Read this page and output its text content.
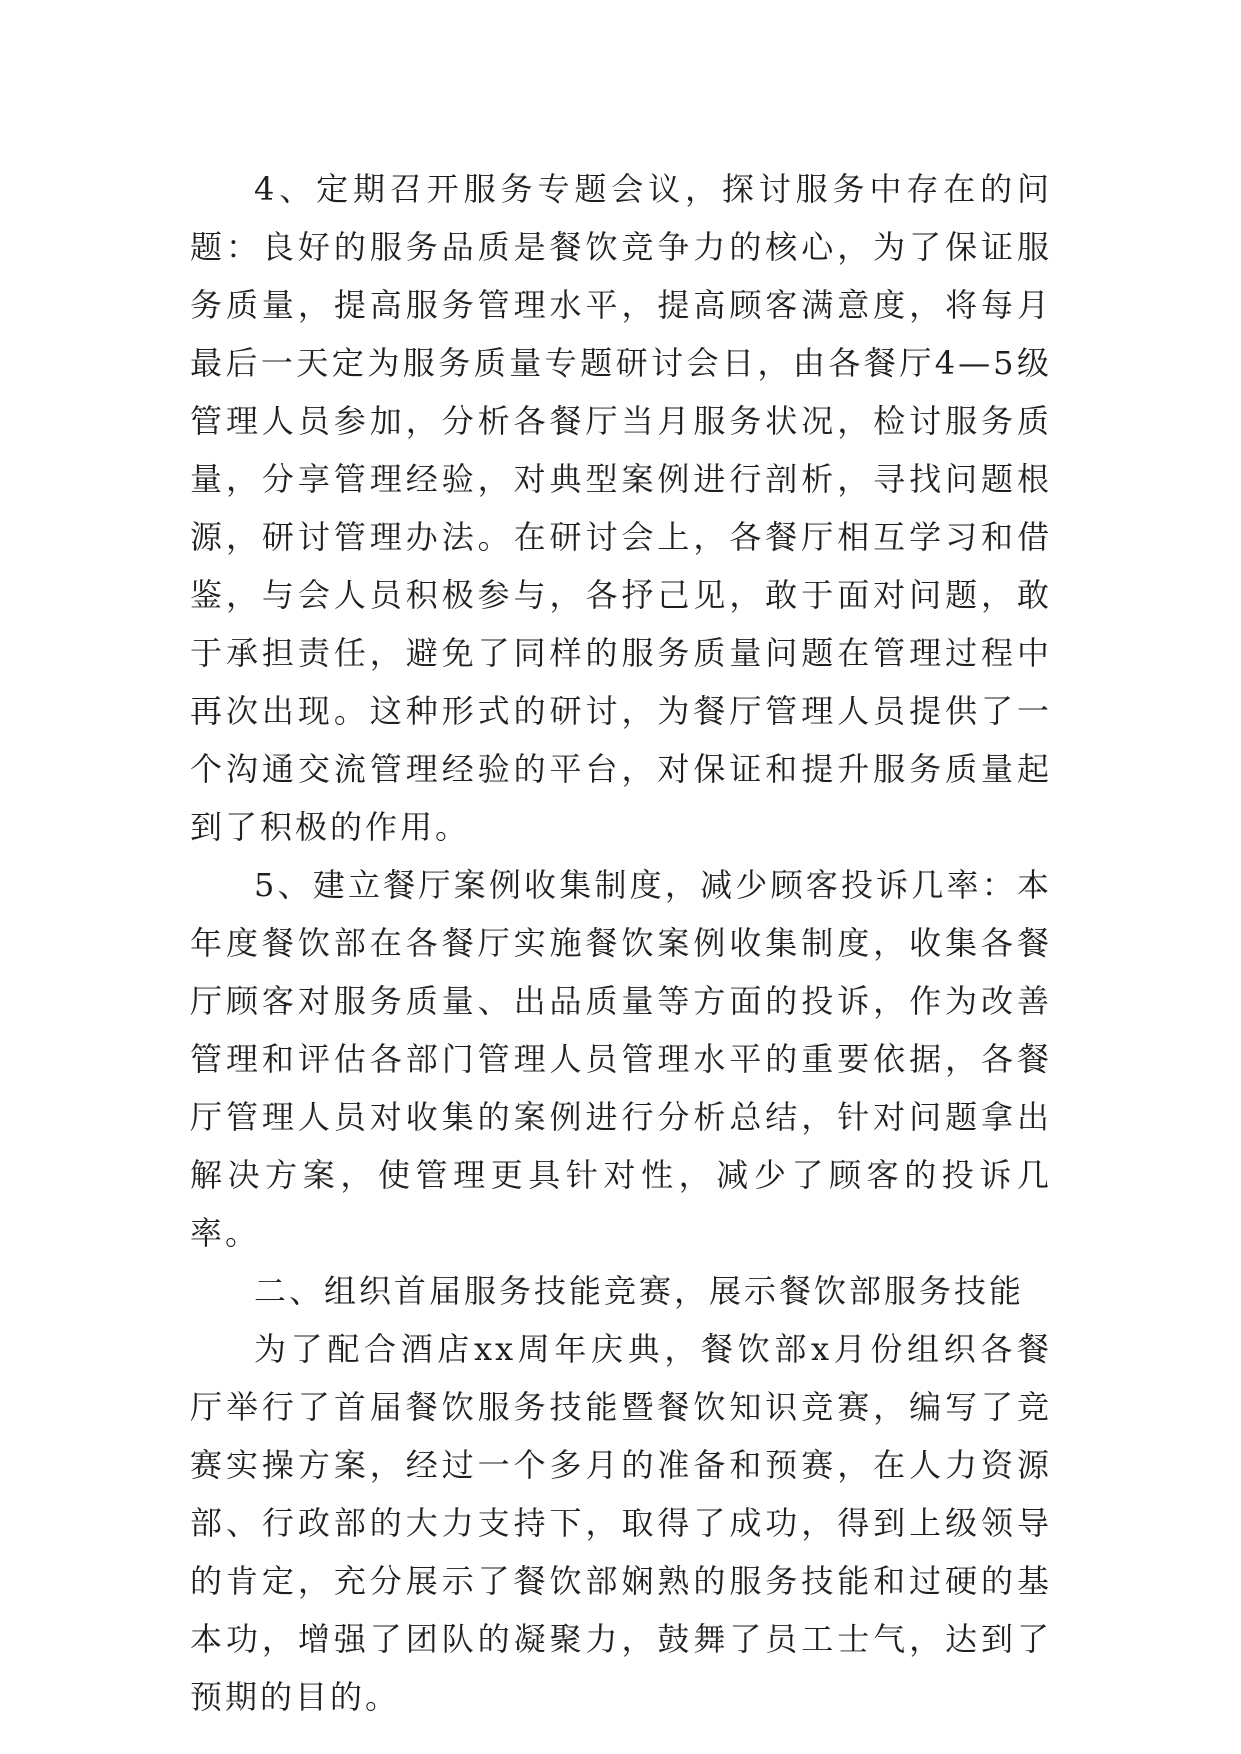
4、定期召开服务专题会议，探讨服务中存在的问题：良好的服务品质是餐饮竞争力的核心，为了保证服务质量，提高服务管理水平，提高顾客满意度，将每月最后一天定为服务质量专题研讨会日，由各餐厅4—5级管理人员参加，分析各餐厅当月服务状况，检讨服务质量，分享管理经验，对典型案例进行剖析，寻找问题根源，研讨管理办法。在研讨会上，各餐厅相互学习和借鉴，与会人员积极参与，各抒己见，敢于面对问题，敢于承担责任，避免了同样的服务质量问题在管理过程中再次出现。这种形式的研讨，为餐厅管理人员提供了一个沟通交流管理经验的平台，对保证和提升服务质量起到了积极的作用。

5、建立餐厅案例收集制度，减少顾客投诉几率：本年度餐饮部在各餐厅实施餐饮案例收集制度，收集各餐厅顾客对服务质量、出品质量等方面的投诉，作为改善管理和评估各部门管理人员管理水平的重要依据，各餐厅管理人员对收集的案例进行分析总结，针对问题拿出解决方案，使管理更具针对性，减少了顾客的投诉几率。

二、组织首届服务技能竞赛，展示餐饮部服务技能

为了配合酒店xx周年庆典，餐饮部x月份组织各餐厅举行了首届餐饮服务技能暨餐饮知识竞赛，编写了竞赛实操方案，经过一个多月的准备和预赛，在人力资源部、行政部的大力支持下，取得了成功，得到上级领导的肯定，充分展示了餐饮部娴熟的服务技能和过硬的基本功，增强了团队的凝聚力，鼓舞了员工士气，达到了预期的目的。
